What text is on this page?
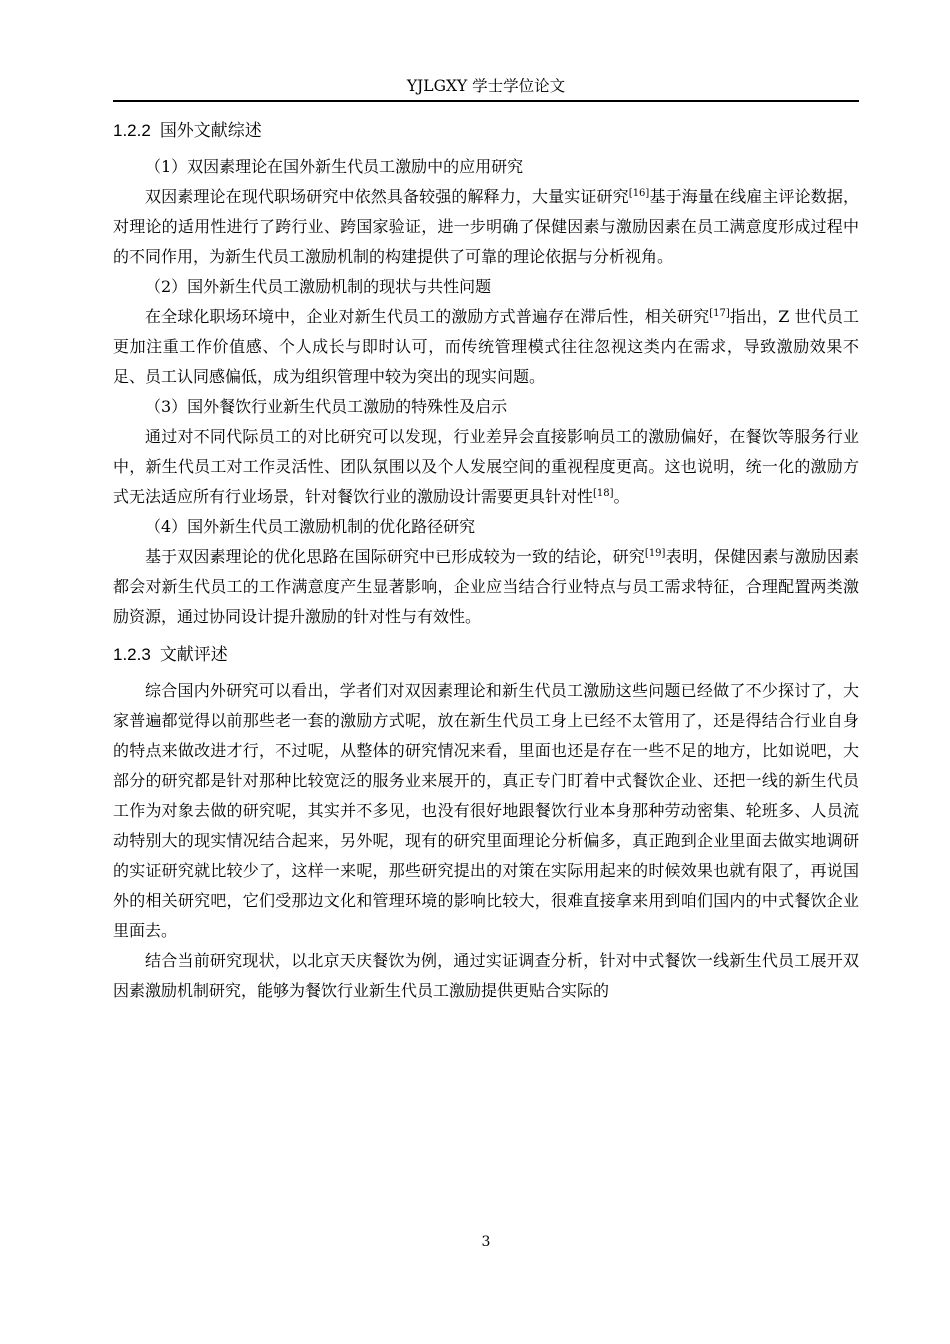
YJLGXY 学士学位论文
1.2.2 国外文献综述
（1）双因素理论在国外新生代员工激励中的应用研究

双因素理论在现代职场研究中依然具备较强的解释力，大量实证研究[16]基于海量在线雇主评论数据，对理论的适用性进行了跨行业、跨国家验证，进一步明确了保健因素与激励因素在员工满意度形成过程中的不同作用，为新生代员工激励机制的构建提供了可靠的理论依据与分析视角。

（2）国外新生代员工激励机制的现状与共性问题

在全球化职场环境中，企业对新生代员工的激励方式普遍存在滞后性，相关研究[17]指出，Z 世代员工更加注重工作价值感、个人成长与即时认可，而传统管理模式往往忽视这类内在需求，导致激励效果不足、员工认同感偏低，成为组织管理中较为突出的现实问题。

（3）国外餐饮行业新生代员工激励的特殊性及启示

通过对不同代际员工的对比研究可以发现，行业差异会直接影响员工的激励偏好，在餐饮等服务行业中，新生代员工对工作灵活性、团队氛围以及个人发展空间的重视程度更高。这也说明，统一化的激励方式无法适应所有行业场景，针对餐饮行业的激励设计需要更具针对性[18]。

（4）国外新生代员工激励机制的优化路径研究

基于双因素理论的优化思路在国际研究中已形成较为一致的结论，研究[19]表明，保健因素与激励因素都会对新生代员工的工作满意度产生显著影响，企业应当结合行业特点与员工需求特征，合理配置两类激励资源，通过协同设计提升激励的针对性与有效性。

1.2.3 文献评述

综合国内外研究可以看出，学者们对双因素理论和新生代员工激励这些问题已经做了不少探讨了，大家普遍都觉得以前那些老一套的激励方式呢，放在新生代员工身上已经不太管用了，还是得结合行业自身的特点来做改进才行，不过呢，从整体的研究情况来看，里面也还是存在一些不足的地方，比如说吧，大部分的研究都是针对那种比较宽泛的服务业来展开的，真正专门盯着中式餐饮企业、还把一线的新生代员工作为对象去做的研究呢，其实并不多见，也没有很好地跟餐饮行业本身那种劳动密集、轮班多、人员流动特别大的现实情况结合起来，另外呢，现有的研究里面理论分析偏多，真正跑到企业里面去做实地调研的实证研究就比较少了，这样一来呢，那些研究提出的对策在实际用起来的时候效果也就有限了，再说国外的相关研究吧，它们受那边文化和管理环境的影响比较大，很难直接拿来用到咱们国内的中式餐饮企业里面去。

结合当前研究现状，以北京天庆餐饮为例，通过实证调查分析，针对中式餐饮一线新生代员工展开双因素激励机制研究，能够为餐饮行业新生代员工激励提供更贴合实际的

3
